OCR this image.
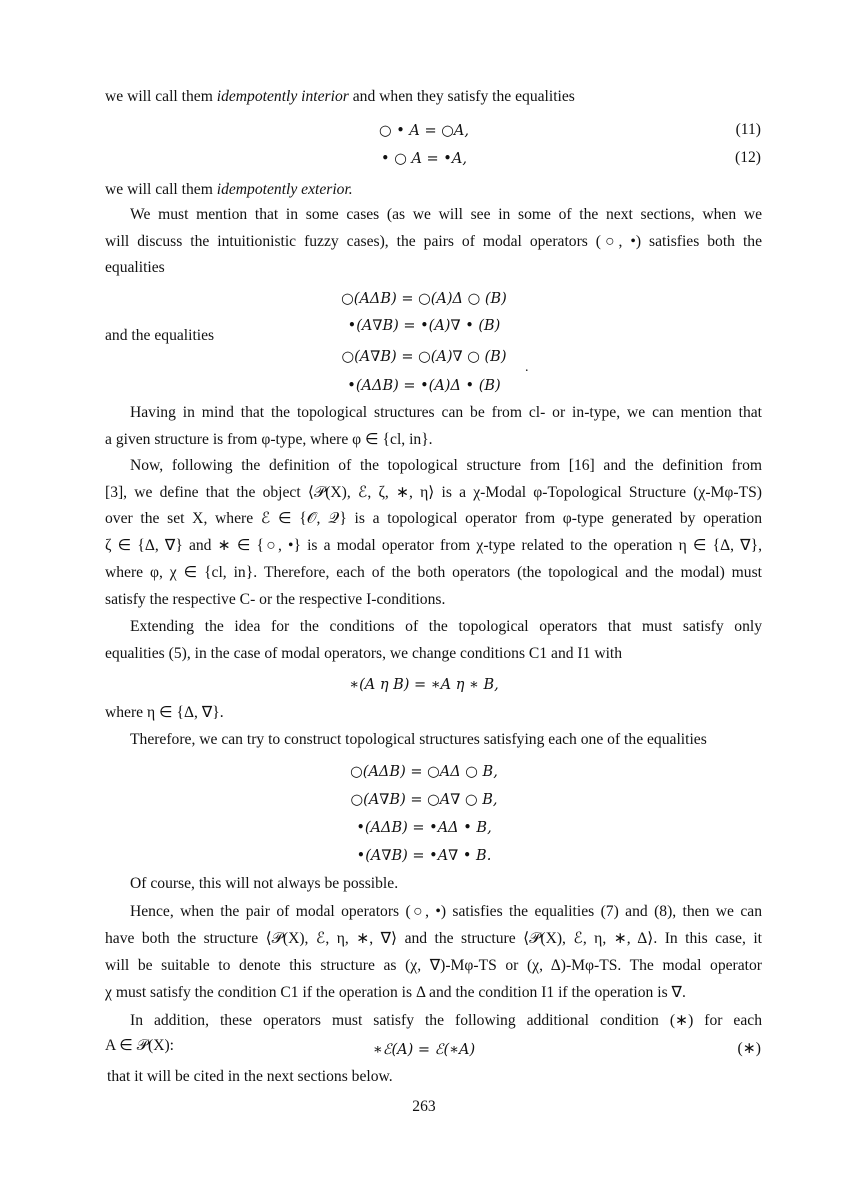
we will call them idempotently interior and when they satisfy the equalities
○ • A = ○A,	(11)
• ○ A = •A,	(12)
we will call them idempotently exterior.
We must mention that in some cases (as we will see in some of the next sections, when we
will discuss the intuitionistic fuzzy cases), the pairs of modal operators (○, •) satisfies both the
equalities
○(AΔB) = ○(A)Δ ○ (B)
•(A∇B) = •(A)∇ • (B)
and the equalities
○(A∇B) = ○(A)∇ ○ (B)
•(AΔB) = •(A)Δ • (B)
.
Having in mind that the topological structures can be from cl- or in-type, we can mention that
a given structure is from φ-type, where φ ∈ {cl, in}.
Now, following the definition of the topological structure from [16] and the definition from
[3], we define that the object ⟨𝒫(X), ℰ, ζ, ∗, η⟩ is a χ-Modal φ-Topological Structure (χ-Mφ-TS)
over the set X, where ℰ ∈ {𝒪, 𝒬} is a topological operator from φ-type generated by operation
ζ ∈ {Δ, ∇} and ∗ ∈ {○, •} is a modal operator from χ-type related to the operation η ∈ {Δ, ∇},
where φ, χ ∈ {cl, in}. Therefore, each of the both operators (the topological and the modal) must
satisfy the respective C- or the respective I-conditions.
Extending the idea for the conditions of the topological operators that must satisfy only
equalities (5), in the case of modal operators, we change conditions C1 and I1 with
∗(A η B) = ∗A η ∗ B,
where η ∈ {Δ, ∇}.
Therefore, we can try to construct topological structures satisfying each one of the equalities
○(AΔB) = ○AΔ ○ B,
○(A∇B) = ○A∇ ○ B,
•(AΔB) = •AΔ • B,
•(A∇B) = •A∇ • B.
Of course, this will not always be possible.
Hence, when the pair of modal operators (○, •) satisfies the equalities (7) and (8), then we can
have both the structure ⟨𝒫(X), ℰ, η, ∗, ∇⟩ and the structure ⟨𝒫(X), ℰ, η, ∗, Δ⟩. In this case, it
will be suitable to denote this structure as (χ, ∇)-Mφ-TS or (χ, Δ)-Mφ-TS. The modal operator
χ must satisfy the condition C1 if the operation is Δ and the condition I1 if the operation is ∇.
In addition, these operators must satisfy the following additional condition (∗) for each
A ∈ 𝒫(X):	∗ℰ(A) = ℰ(∗A)	(∗)
that it will be cited in the next sections below.
263
